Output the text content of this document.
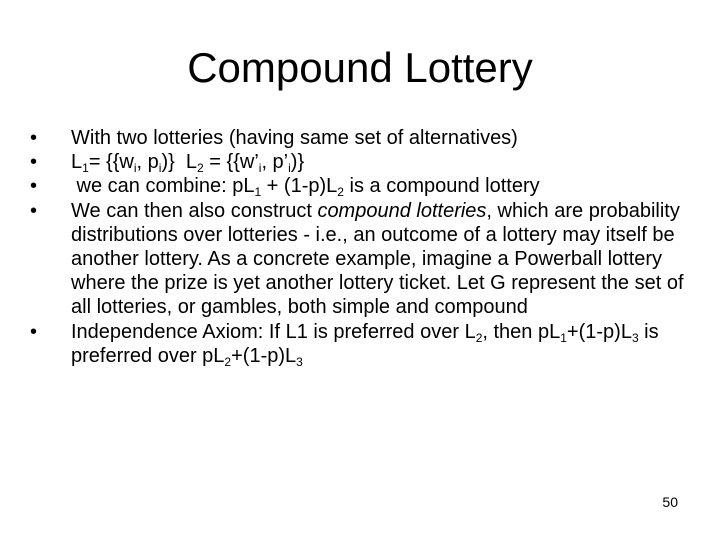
Compound Lottery
•	With two lotteries (having same set of alternatives)
•	$L_1= \{\{w_i$, $p_i$)}  $L_2$ = {{$w’_i$, $p’_i$)}
•	we can combine: $pL_1 + (1-p)L_2$ is a compound lottery
•	We can then also construct compound lotteries, which are probability distributions over lotteries - i.e., an outcome of a lottery may itself be another lottery. As a concrete example, imagine a Powerball lottery where the prize is yet another lottery ticket. Let G represent the set of all lotteries, or gambles, both simple and compound
•	Independence Axiom: If L1 is preferred over $L_2$, then $pL_1+(1-p)L_3$ is preferred over $pL_2+(1-p)L_3$
50
